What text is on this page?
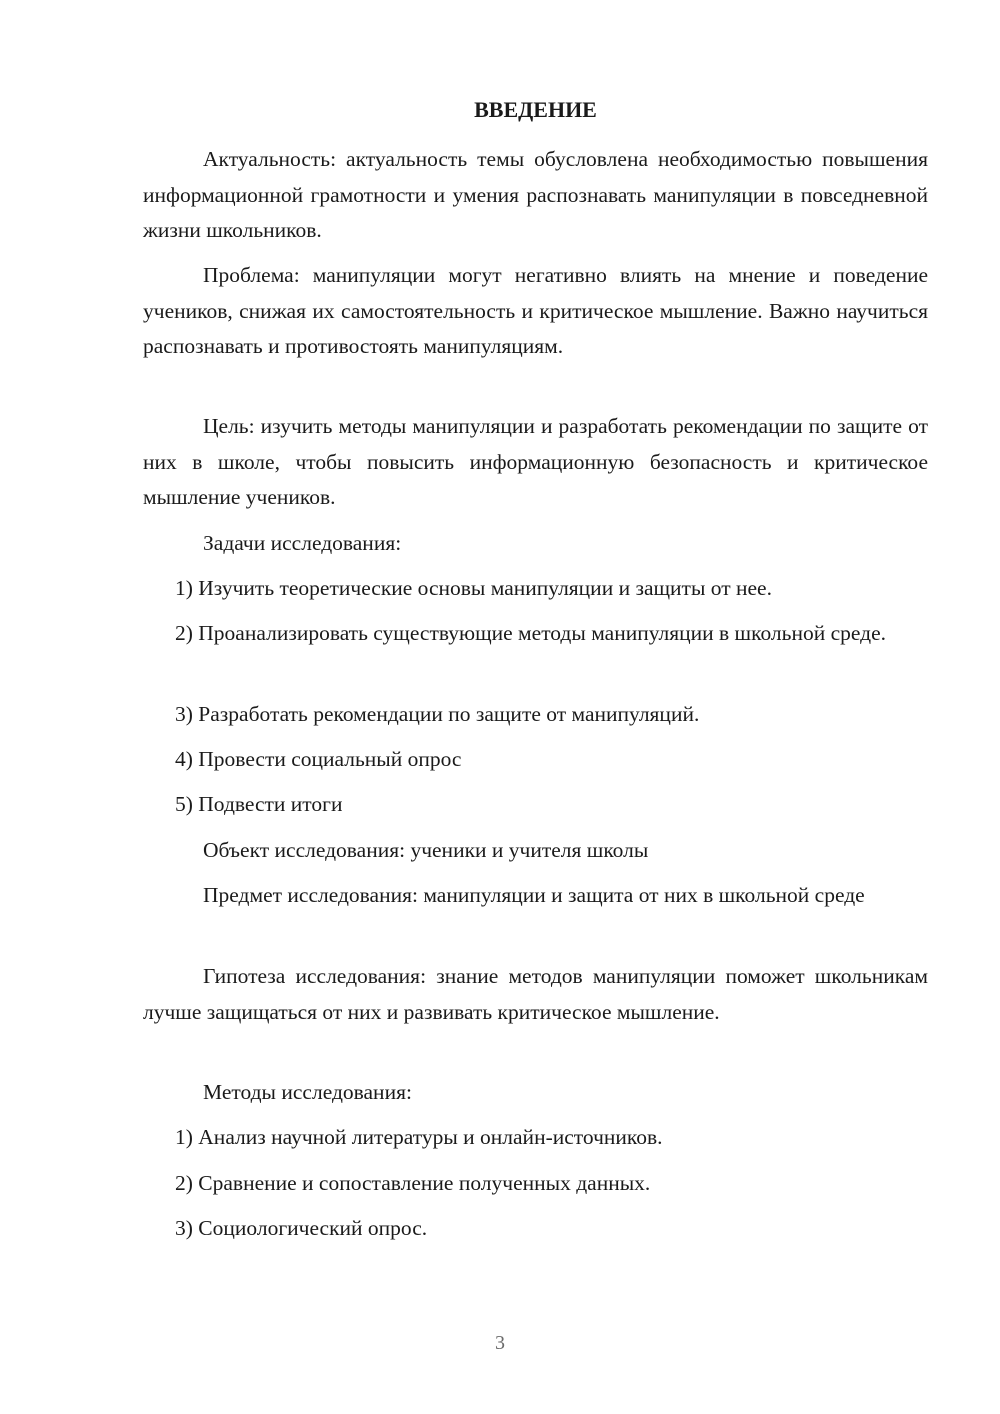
ВВЕДЕНИЕ

Актуальность: актуальность темы обусловлена необходимостью повышения информационной грамотности и умения распознавать манипуляции в повседневной жизни школьников.

Проблема: манипуляции могут негативно влиять на мнение и поведение учеников, снижая их самостоятельность и критическое мышление. Важно научиться распознавать и противостоять манипуляциям.

Цель: изучить методы манипуляции и разработать рекомендации по защите от них в школе, чтобы повысить информационную безопасность и критическое мышление учеников.

Задачи исследования:

1) Изучить теоретические основы манипуляции и защиты от нее.

2) Проанализировать существующие методы манипуляции в школьной среде.

3) Разработать рекомендации по защите от манипуляций.

4) Провести социальный опрос

5) Подвести итоги

Объект исследования: ученики и учителя школы

Предмет исследования: манипуляции и защита от них в школьной среде

Гипотеза исследования: знание методов манипуляции поможет школьникам лучше защищаться от них и развивать критическое мышление.

Методы исследования:

1) Анализ научной литературы и онлайн-источников.

2) Сравнение и сопоставление полученных данных.

3) Социологический опрос.

3
